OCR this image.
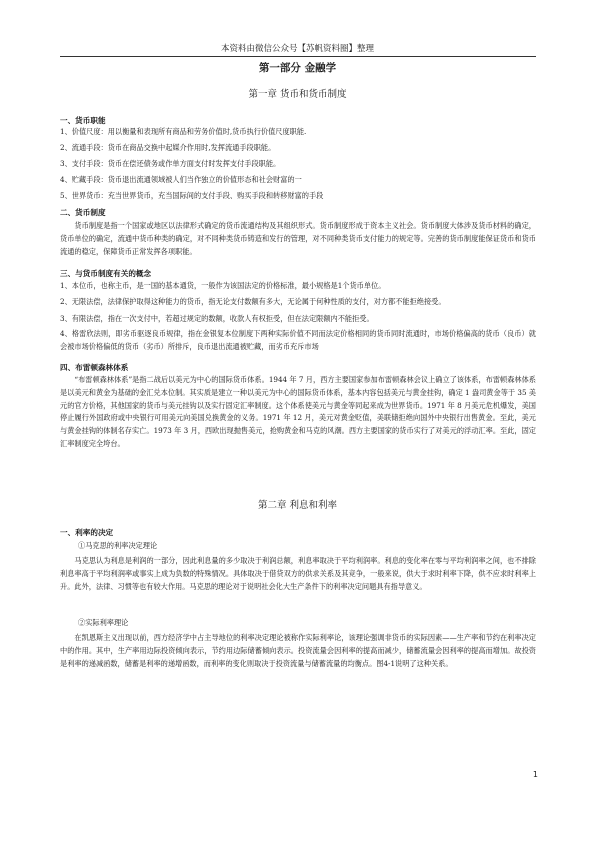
本资料由微信公众号【苏帆资料圈】整理
第一部分 金融学
第一章 货币和货币制度
一、货币职能
1、价值尺度：用以衡量和表现所有商品和劳务价值时,货币执行价值尺度职能.
2、流通手段：货币在商品交换中起媒介作用时,发挥流通手段职能。
3、支付手段：货币在偿还债务或作单方面支付时发挥支付手段职能。
4、贮藏手段：货币退出流通领域被人们当作独立的价值形态和社会财富的一
5、世界货币：充当世界货币，充当国际间的支付手段、购买手段和转移财富的手段
二、货币制度

货币制度是指一个国家或地区以法律形式确定的货币流通结构及其组织形式。货币制度形成于资本主义社会。货币制度大体涉及货币材料的确定，货币单位的确定，流通中货币种类的确定，对不同种类货币铸造和发行的管理，对不同种类货币支付能力的规定等。完善的货币制度能保证货币和货币流通的稳定，保障货币正常发挥各项职能。

三、与货币制度有关的概念
1、本位币，也称主币，是一国的基本通货，一般作为该国法定的价格标准，最小规格是1个货币单位。
2、无限法偿，法律保护取得这种能力的货币，指无论支付数额有多大，无论属于何种性质的支付，对方都不能拒绝接受。
3、有限法偿，指在一次支付中，若超过规定的数额，收款人有权拒受，但在法定限额内不能拒受。

4、格雷欣法则，即劣币驱逐良币规律，指在金银复本位制度下两种实际价值不同而法定价格相同的货币同时流通时，市场价格偏高的货币（良币）就会被市场价格偏低的货币（劣币）所排斥，良币退出流通被贮藏，而劣币充斥市场

四、布雷顿森林体系

“布雷顿森林体系”是指二战后以美元为中心的国际货币体系。1944 年 7 月，西方主要国家参加布雷顿森林会议上确立了该体系，布雷顿森林体系是以美元和黄金为基础的金汇兑本位制。其实质是建立一种以美元为中心的国际货币体系，基本内容包括美元与黄金挂钩，确定 1 盎司黄金等于 35 美元的官方价格，其他国家的货币与美元挂钩以及实行固定汇率制度。这个体系使美元与黄金等同起来成为世界货币。1971 年 8 月美元危机爆发，美国停止履行外国政府或中央银行可用美元向美国兑换黄金的义务。1971 年 12 月，美元对黄金贬值，美联储拒绝向国外中央银行出售黄金。至此，美元与黄金挂钩的体制名存实亡。1973 年 3 月，西欧出现抛售美元，抢购黄金和马克的风潮。西方主要国家的货币实行了对美元的浮动汇率。至此，固定汇率制度完全垮台。

第二章 利息和利率
一、利率的决定
①马克思的利率决定理论

马克思认为利息是利润的一部分，因此利息量的多少取决于利润总额，利息率取决于平均利润率。利息的变化率在零与平均利润率之间，也不排除利息率高于平均利润率或事实上成为负数的特殊情况。具体取决于借贷双方的供求关系及其竞争，一般来说，供大于求时利率下降，供不应求时利率上升。此外，法律、习惯等也有较大作用。马克思的理论对于说明社会化大生产条件下的利率决定问题具有指导意义。

②实际利率理论

在凯恩斯主义出现以前，西方经济学中占主导地位的利率决定理论被称作实际利率论，该理论强调非货币的实际因素——生产率和节约在利率决定中的作用。其中，生产率用边际投资倾向表示，节约用边际储蓄倾向表示。投资流量会因利率的提高而减少，储蓄流量会因利率的提高而增加。故投资是利率的递减函数，储蓄是利率的递增函数，而利率的变化则取决于投资流量与储蓄流量的均衡点。图4-1说明了这种关系。

1
